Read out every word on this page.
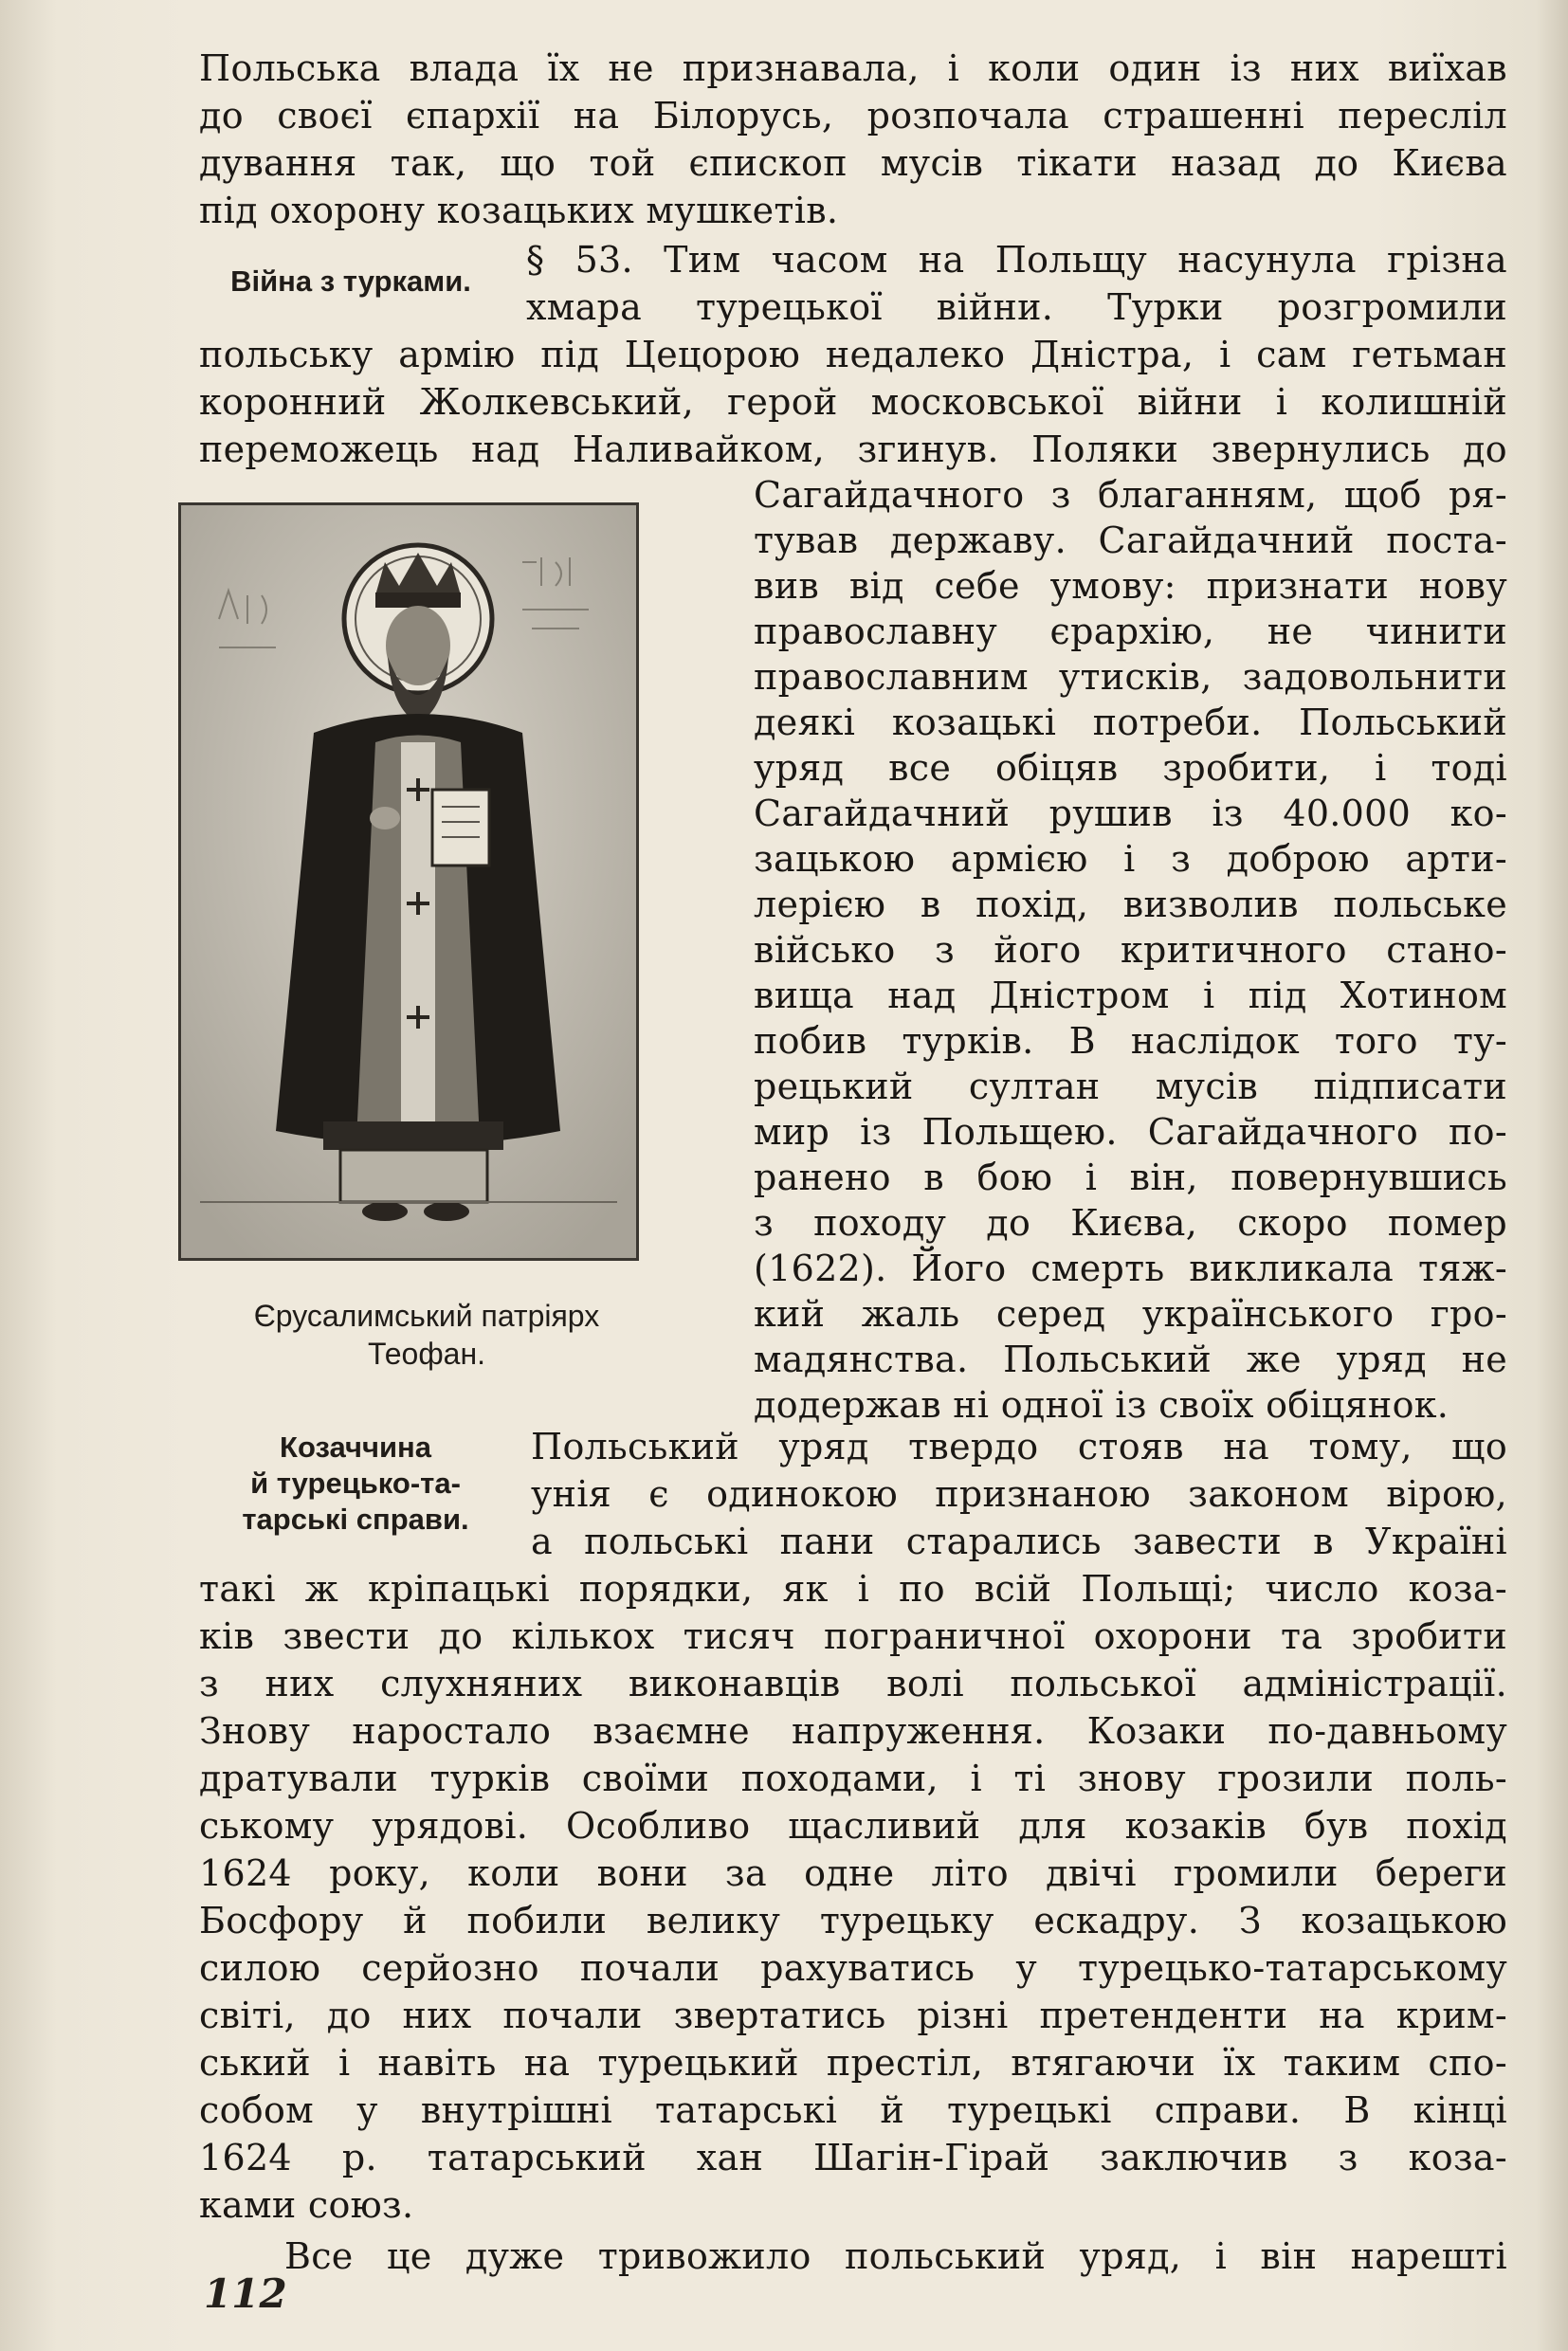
Польська влада їх не признавала, і коли один із них виїхав
до своєї єпархії на Білорусь, розпочала страшенні пересліл
дування так, що той єпископ мусів тікати назад до Києва
під охорону козацьких мушкетів.
Війна з турками.
§ 53. Тим часом на Польщу насунула грізна
хмара турецької війни. Турки розгромили
польську армію під Цецорою недалеко Дністра, і сам гетьман
коронний Жолкевський, герой московської війни і колишній
переможець над Наливайком, згинув. Поляки звернулись до
Сагайдачного з благанням, щоб ря-
тував державу. Сагайдачний поста-
вив від себе умову: признати нову
православну єрархію, не чинити
православним утисків, задовольнити
деякі козацькі потреби. Польський
уряд все обіцяв зробити, і тоді
Сагайдачний рушив із 40.000 ко-
зацькою армією і з доброю арти-
лерією в похід, визволив польське
військо з його критичного стано-
вища над Дністром і під Хотином
побив турків. В наслідок того ту-
рецький султан мусів підписати
мир із Польщею. Сагайдачного по-
ранено в бою і він, повернувшись
з походу до Києва, скоро помер
(1622). Його смерть викликала тяж-
кий жаль серед українського гро-
мадянства. Польський же уряд не
додержав ні одної із своїх обіцянок.
Єрусалимський патріярх
Теофан.
Козаччина
й турецько-та-
тарські справи.
Польський уряд твердо стояв на тому, що
унія є одинокою признаною законом вірою,
а польські пани старались завести в Україні
такі ж кріпацькі порядки, як і по всій Польщі; число коза-
ків звести до кількох тисяч пограничної охорони та зробити
з них слухняних виконавців волі польської адміністрації.
Знову наростало взаємне напруження. Козаки по-давньому
дратували турків своїми походами, і ті знову грозили поль-
ському урядові. Особливо щасливий для козаків був похід
1624 року, коли вони за одне літо двічі громили береги
Босфору й побили велику турецьку ескадру. З козацькою
силою серйозно почали рахуватись у турецько-татарському
світі, до них почали звертатись різні претенденти на крим-
ський і навіть на турецький престіл, втягаючи їх таким спо-
собом у внутрішні татарські й турецькі справи. В кінці
1624 р. татарський хан Шагін-Гірай заключив з коза-
ками союз.
Все це дуже тривожило польський уряд, і він нарешті
112
